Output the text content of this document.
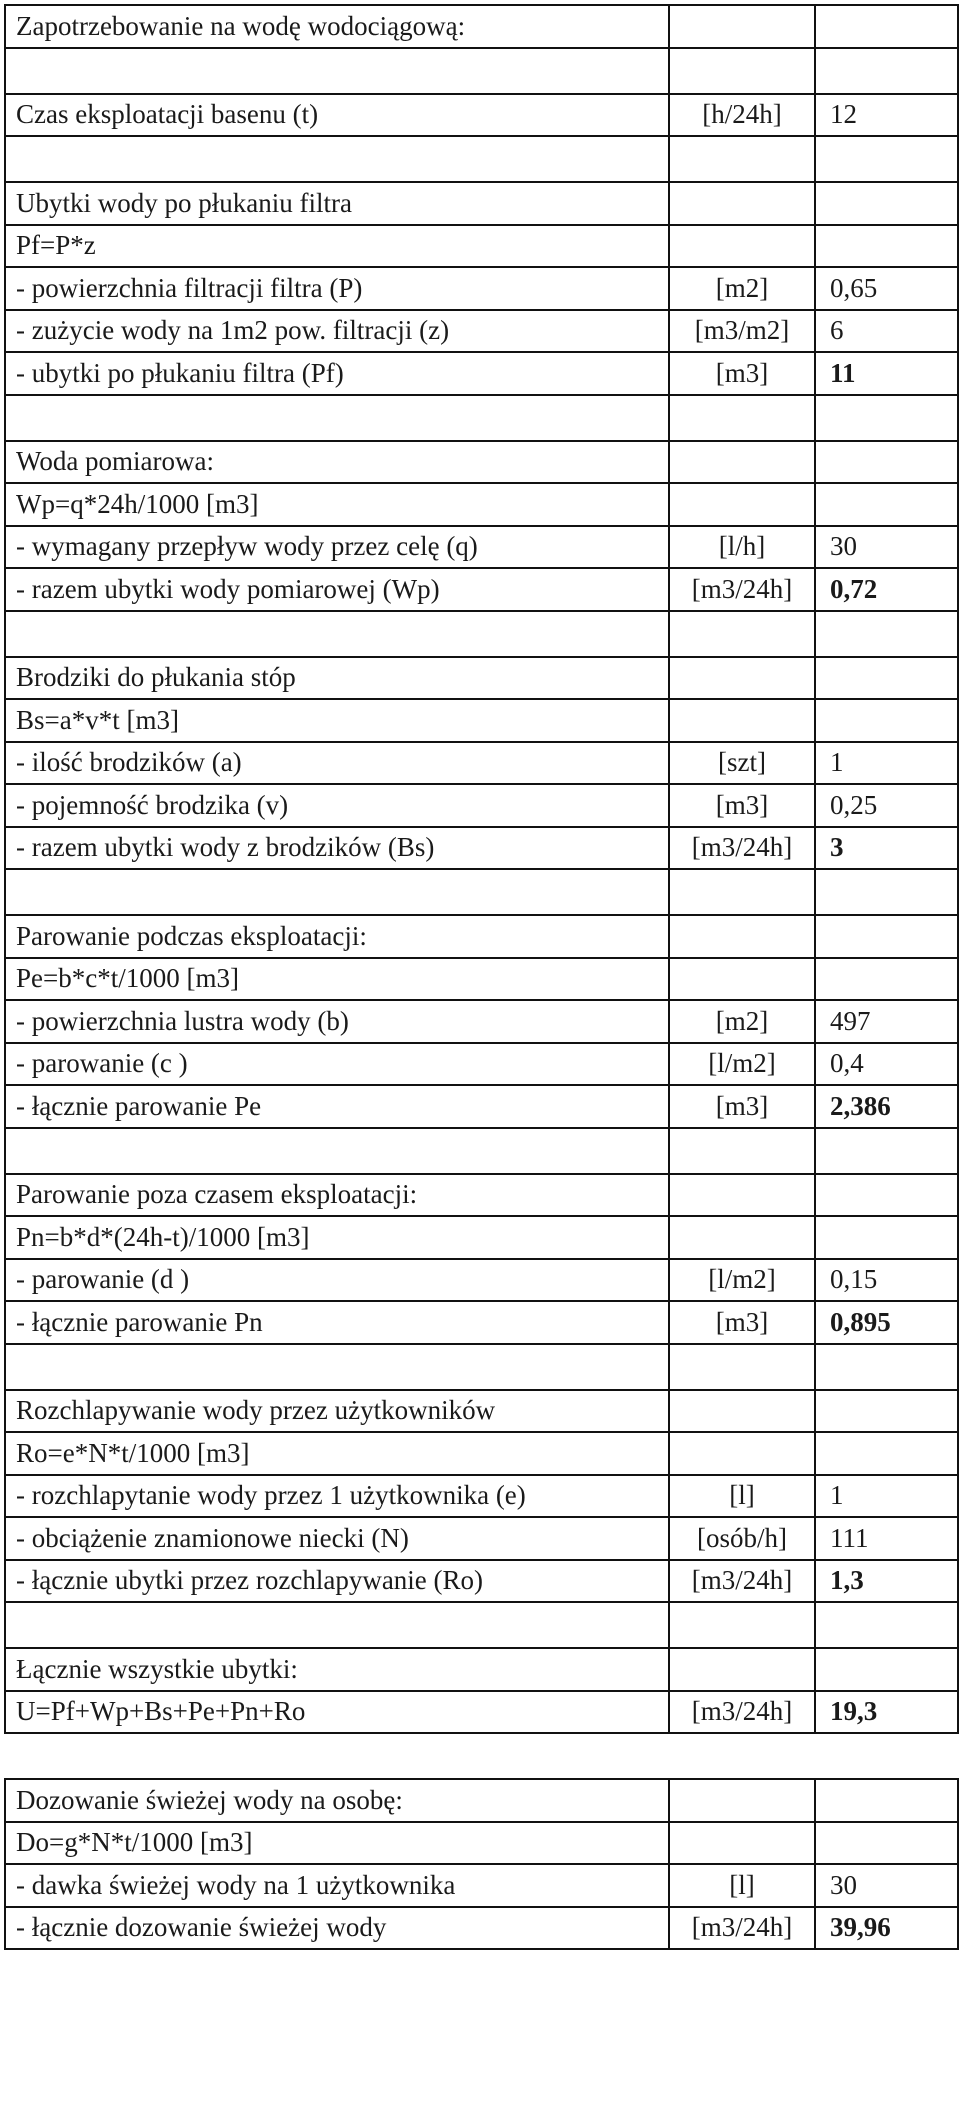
Zapotrzebowanie na wodę wodociągową:		

Czas eksploatacji basenu (t)	[h/24h]	12

Ubytki wody po płukaniu filtra		
Pf=P*z		
- powierzchnia filtracji filtra (P)	[m2]	0,65
- zużycie wody na 1m2 pow. filtracji (z)	[m3/m2]	6
- ubytki po płukaniu filtra (Pf)	[m3]	11

Woda pomiarowa:		
Wp=q*24h/1000 [m3]		
- wymagany przepływ wody przez celę (q)	[l/h]	30
- razem ubytki wody pomiarowej (Wp)	[m3/24h]	0,72

Brodziki do płukania stóp		
Bs=a*v*t [m3]		
- ilość brodzików (a)	[szt]	1
- pojemność brodzika (v)	[m3]	0,25
- razem ubytki wody z brodzików (Bs)	[m3/24h]	3

Parowanie podczas eksploatacji:		
Pe=b*c*t/1000 [m3]		
- powierzchnia lustra wody (b)	[m2]	497
- parowanie (c )	[l/m2]	0,4
- łącznie parowanie Pe	[m3]	2,386

Parowanie poza czasem eksploatacji:		
Pn=b*d*(24h-t)/1000 [m3]		
- parowanie (d )	[l/m2]	0,15
- łącznie parowanie Pn	[m3]	0,895

Rozchlapywanie wody przez użytkowników		
Ro=e*N*t/1000 [m3]		
- rozchlapytanie wody przez 1 użytkownika (e)	[l]	1
- obciążenie znamionowe niecki (N)	[osób/h]	111
- łącznie ubytki przez rozchlapywanie (Ro)	[m3/24h]	1,3

Łącznie wszystkie ubytki:		
U=Pf+Wp+Bs+Pe+Pn+Ro	[m3/24h]	19,3

Dozowanie świeżej wody na osobę:		
Do=g*N*t/1000 [m3]		
- dawka świeżej wody na 1 użytkownika	[l]	30
- łącznie dozowanie świeżej wody	[m3/24h]	39,96
